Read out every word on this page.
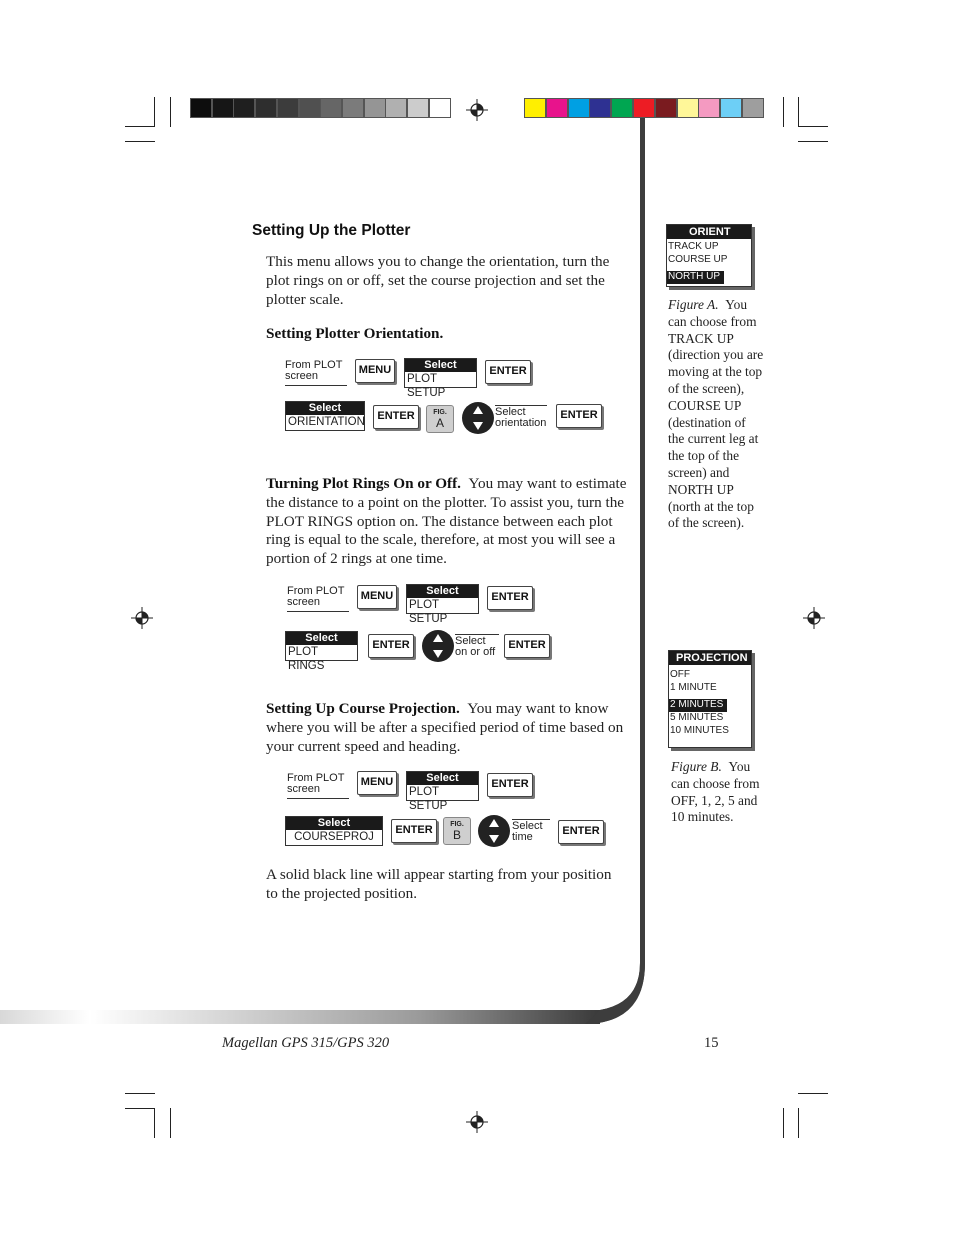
Setting Up the Plotter

This menu allows you to change the orientation, turn the plot rings on or off, set the course projection and set the plotter scale.

Setting Plotter Orientation.

From PLOT screen	MENU	Select
PLOT SETUP
ENTER
Select
ORIENTATION	ENTER	FIG.
A
Select orientation
ENTER

Turning Plot Rings On or Off. You may want to estimate the distance to a point on the plotter. To assist you, turn the PLOT RINGS option on. The distance between each plot ring is equal to the scale, therefore, at most you will see a portion of 2 rings at one time.

From PLOT screen	MENU	Select
PLOT SETUP
ENTER
Select
PLOT RINGS
ENTER	Select on or off
ENTER

Setting Up Course Projection. You may want to know where you will be after a specified period of time based on your current speed and heading.

From PLOT screen
MENU	Select
PLOT SETUP
ENTER
Select
COURSEPROJ
ENTER	FIG.
B
Select time	ENTER

A solid black line will appear starting from your position to the projected position.

ORIENT
TRACK UP
COURSE UP
NORTH UP

Figure A. You can choose from TRACK UP (direction you are moving at the top of the screen), COURSE UP (destination of the current leg at the top of the screen) and NORTH UP (north at the top of the screen).
PROJECTION
OFF
1 MINUTE
2 MINUTES

5 MINUTES
10 MINUTES
Figure B. You can choose from OFF, 1, 2, 5 and 10 minutes.
Magellan GPS 315/GPS 320	15
